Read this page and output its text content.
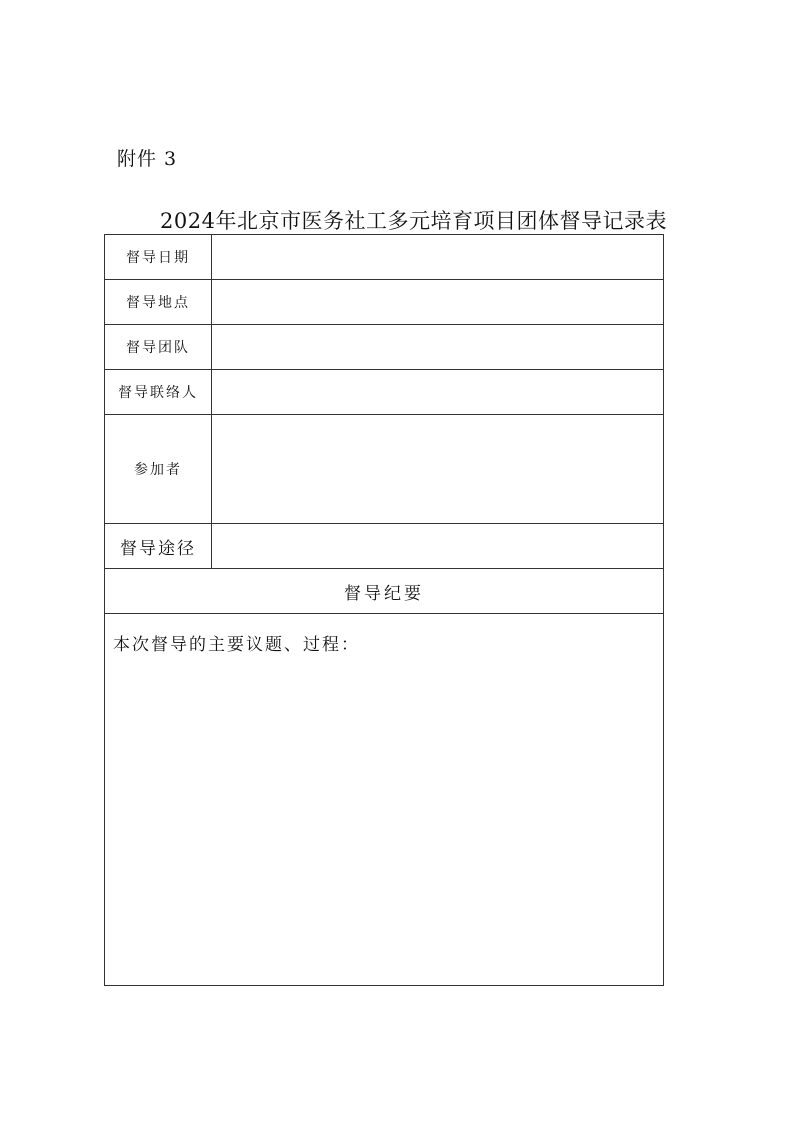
附件 3
2024年北京市医务社工多元培育项目团体督导记录表
督导日期	
督导地点	
督导团队	
督导联络人	
参加者	
督导途径	
督导纪要	

本次督导的主要议题、过程：	
